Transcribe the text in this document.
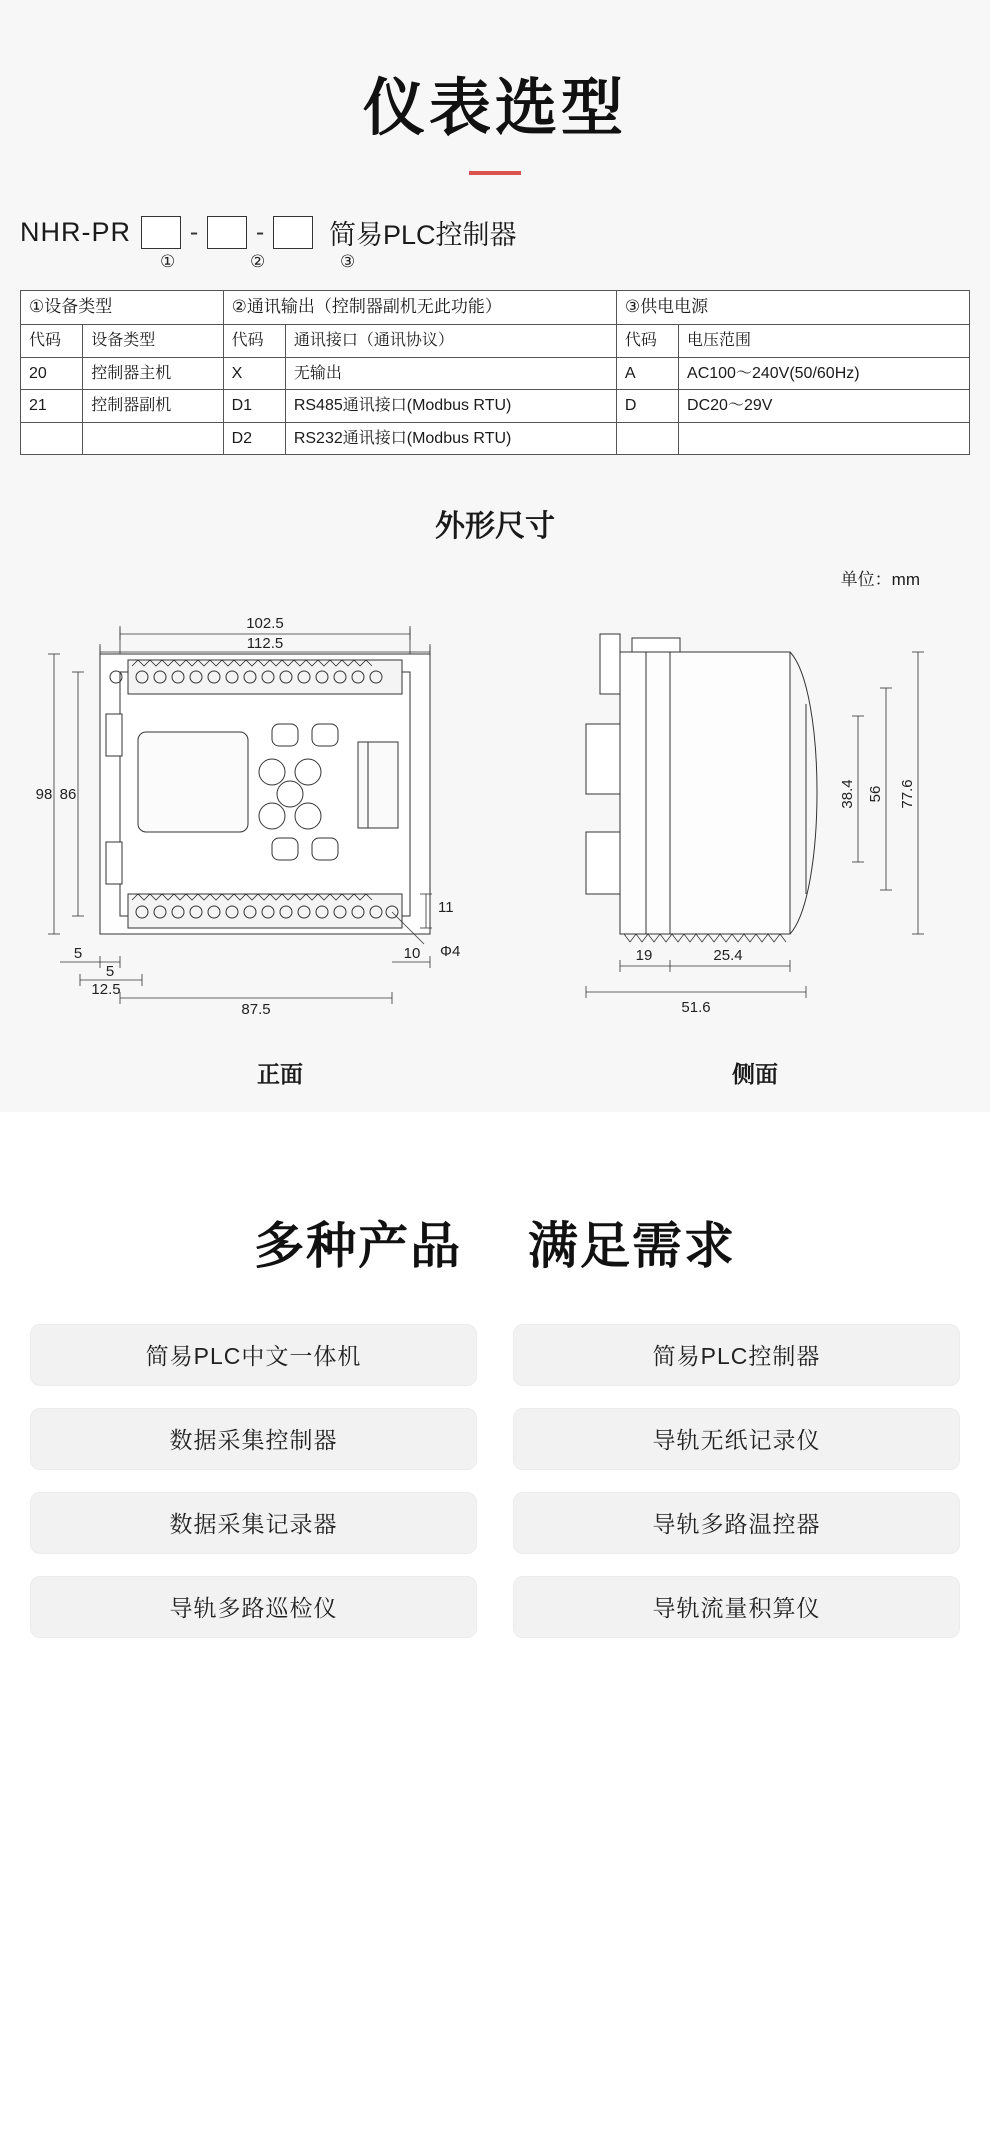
仪表选型
NHR-PR	-	-	简易PLC控制器
①	②	③
①设备类型		②通讯输出（控制器副机无此功能）		③供电电源	
代码	设备类型	代码	通讯接口（通讯协议）	代码	电压范围
20	控制器主机	X	无输出	A	AC100～240V(50/60Hz)
21	控制器副机	D1	RS485通讯接口(Modbus RTU)	D	DC20～29V
		D2	RS232通讯接口(Modbus RTU)		
外形尺寸
单位：mm
102.5
112.5
98 86
5
5
12.5
87.5
10 Φ4
11
38.4 56 77.6
19	25.4
51.6
正面	侧面
多种产品 满足需求
简易PLC中文一体机	简易PLC控制器
数据采集控制器	导轨无纸记录仪
数据采集记录器	导轨多路温控器
导轨多路巡检仪	导轨流量积算仪
